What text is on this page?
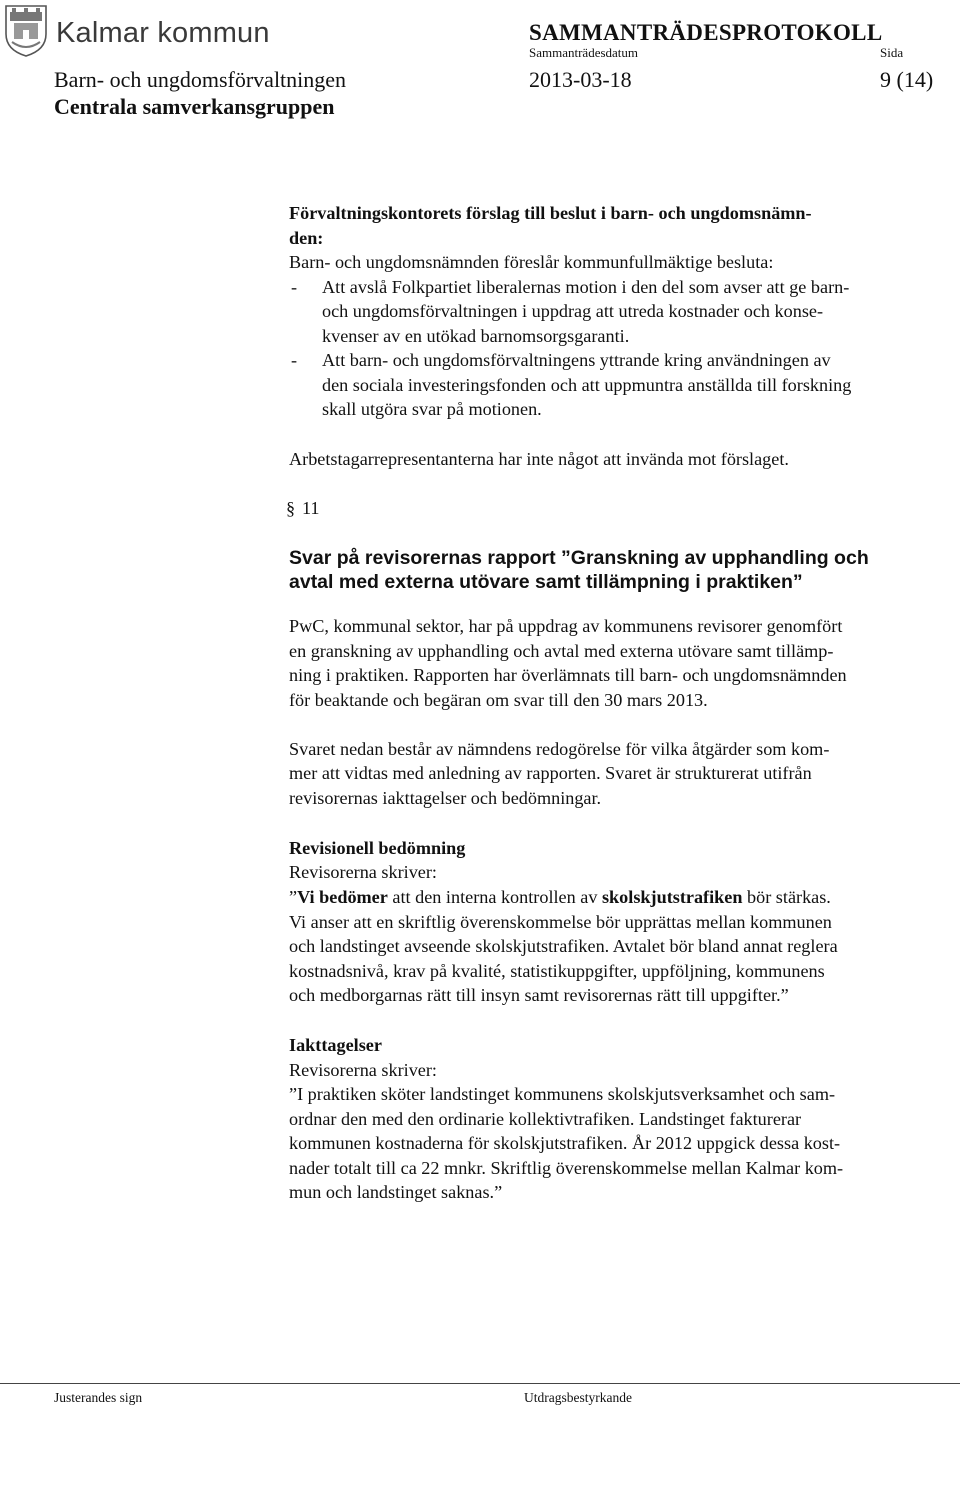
Kalmar kommun	SAMMANTRÄDESPROTOKOLL
Sammanträdesdatum	Sida
Barn- och ungdomsförvaltningen	2013-03-18	9 (14)
Centrala samverkansgruppen
Förvaltningskontorets förslag till beslut i barn- och ungdomsnämn-
den:
Barn- och ungdomsnämnden föreslår kommunfullmäktige besluta:
- Att avslå Folkpartiet liberalernas motion i den del som avser att ge barn-
och ungdomsförvaltningen i uppdrag att utreda kostnader och konse-
kvenser av en utökad barnomsorgsgaranti.
- Att barn- och ungdomsförvaltningens yttrande kring användningen av
den sociala investeringsfonden och att uppmuntra anställda till forskning
skall utgöra svar på motionen.
Arbetstagarrepresentanterna har inte något att invända mot förslaget.
§ 11
Svar på revisorernas rapport ”Granskning av upphandling och
avtal med externa utövare samt tillämpning i praktiken”
PwC, kommunal sektor, har på uppdrag av kommunens revisorer genomfört
en granskning av upphandling och avtal med externa utövare samt tillämp-
ning i praktiken. Rapporten har överlämnats till barn- och ungdomsnämnden
för beaktande och begäran om svar till den 30 mars 2013.
Svaret nedan består av nämndens redogörelse för vilka åtgärder som kom-
mer att vidtas med anledning av rapporten. Svaret är strukturerat utifrån
revisorernas iakttagelser och bedömningar.
Revisionell bedömning
Revisorerna skriver:
”Vi bedömer att den interna kontrollen av skolskjutstrafiken bör stärkas.
Vi anser att en skriftlig överenskommelse bör upprättas mellan kommunen
och landstinget avseende skolskjutstrafiken. Avtalet bör bland annat reglera
kostnadsnivå, krav på kvalité, statistikuppgifter, uppföljning, kommunens
och medborgarnas rätt till insyn samt revisorernas rätt till uppgifter.”
Iakttagelser
Revisorerna skriver:
”I praktiken sköter landstinget kommunens skolskjutsverksamhet och sam-
ordnar den med den ordinarie kollektivtrafiken. Landstinget fakturerar
kommunen kostnaderna för skolskjutstrafiken. År 2012 uppgick dessa kost-
nader totalt till ca 22 mnkr. Skriftlig överenskommelse mellan Kalmar kom-
mun och landstinget saknas.”
Justerandes sign	Utdragsbestyrkande
